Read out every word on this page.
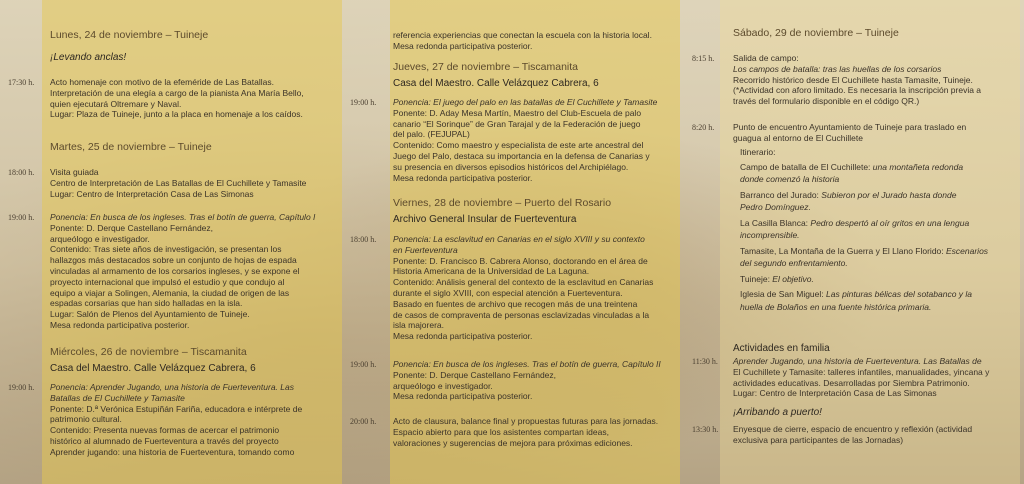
Lunes, 24 de noviembre – Tuineje
¡Levando anclas!
17:30 h. Acto homenaje con motivo de la efeméride de Las Batallas.
Interpretación de una elegía a cargo de la pianista Ana María Bello,
quien ejecutará Oltremare y Naval.
Lugar: Plaza de Tuineje, junto a la placa en homenaje a los caídos.
Martes, 25 de noviembre – Tuineje
18:00 h. Visita guiada
Centro de Interpretación de Las Batallas de El Cuchillete y Tamasite
Lugar: Centro de Interpretación Casa de Las Simonas
19:00 h. Ponencia: En busca de los ingleses. Tras el botín de guerra, Capítulo I
Ponente: D. Derque Castellano Fernández,
arqueólogo e investigador.
Contenido: Tras siete años de investigación, se presentan los
hallazgos más destacados sobre un conjunto de hojas de espada
vinculadas al armamento de los corsarios ingleses, y se expone el
proyecto internacional que impulsó el estudio y que condujo al
equipo a viajar a Solingen, Alemania, la ciudad de origen de las
espadas corsarias que han sido halladas en la isla.
Lugar: Salón de Plenos del Ayuntamiento de Tuineje.
Mesa redonda participativa posterior.
Miércoles, 26 de noviembre – Tiscamanita
Casa del Maestro. Calle Velázquez Cabrera, 6
19:00 h. Ponencia: Aprender Jugando, una historia de Fuerteventura. Las
Batallas de El Cuchillete y Tamasite
Ponente: D.ª Verónica Estupiñán Fariña, educadora e intérprete de
patrimonio cultural.
Contenido: Presenta nuevas formas de acercar el patrimonio
histórico al alumnado de Fuerteventura a través del proyecto
Aprender jugando: una historia de Fuerteventura, tomando como
referencia experiencias que conectan la escuela con la historia local.
Mesa redonda participativa posterior.
Jueves, 27 de noviembre – Tiscamanita
Casa del Maestro. Calle Velázquez Cabrera, 6
19:00 h. Ponencia: El juego del palo en las batallas de El Cuchillete y Tamasite
Ponente: D. Aday Mesa Martín, Maestro del Club-Escuela de palo
canario “El Sorinque” de Gran Tarajal y de la Federación de juego
del palo. (FEJUPAL)
Contenido: Como maestro y especialista de este arte ancestral del
Juego del Palo, destaca su importancia en la defensa de Canarias y
su presencia en diversos episodios históricos del Archipiélago.
Mesa redonda participativa posterior.
Viernes, 28 de noviembre – Puerto del Rosario
Archivo General Insular de Fuerteventura
18:00 h. Ponencia: La esclavitud en Canarias en el siglo XVIII y su contexto
en Fuerteventura
Ponente: D. Francisco B. Cabrera Alonso, doctorando en el área de
Historia Americana de la Universidad de La Laguna.
Contenido: Análisis general del contexto de la esclavitud en Canarias
durante el siglo XVIII, con especial atención a Fuerteventura.
Basado en fuentes de archivo que recogen más de una treintena
de casos de compraventa de personas esclavizadas vinculadas a la
isla majorera.
Mesa redonda participativa posterior.
19:00 h. Ponencia: En busca de los ingleses. Tras el botín de guerra, Capítulo II
Ponente: D. Derque Castellano Fernández,
arqueólogo e investigador.
Mesa redonda participativa posterior.
20:00 h. Acto de clausura, balance final y propuestas futuras para las jornadas.
Espacio abierto para que los asistentes compartan ideas,
valoraciones y sugerencias de mejora para próximas ediciones.
Sábado, 29 de noviembre – Tuineje
8:15 h. Salida de campo:
Los campos de batalla: tras las huellas de los corsarios
Recorrido histórico desde El Cuchillete hasta Tamasite, Tuineje.
(*Actividad con aforo limitado. Es necesaria la inscripción previa a
través del formulario disponible en el código QR.)
8:20 h. Punto de encuentro Ayuntamiento de Tuineje para traslado en
guagua al entorno de El Cuchillete
Itinerario:
Campo de batalla de El Cuchillete: una montañeta redonda
donde comenzó la historia
Barranco del Jurado: Subieron por el Jurado hasta donde
Pedro Domínguez.
La Casilla Blanca: Pedro despertó al oír gritos en una lengua
incomprensible.
Tamasite, La Montaña de la Guerra y El Llano Florido: Escenarios
del segundo enfrentamiento.
Tuineje: El objetivo.
Iglesia de San Miguel: Las pinturas bélicas del sotabanco y la
huella de Bolaños en una fuente histórica primaria.
Actividades en familia
11:30 h. Aprender Jugando, una historia de Fuerteventura. Las Batallas de
El Cuchillete y Tamasite: talleres infantiles, manualidades, yincana y
actividades educativas. Desarrolladas por Siembra Patrimonio.
Lugar: Centro de Interpretación Casa de Las Simonas
¡Arribando a puerto!
13:30 h. Enyesque de cierre, espacio de encuentro y reflexión (actividad
exclusiva para participantes de las Jornadas)
